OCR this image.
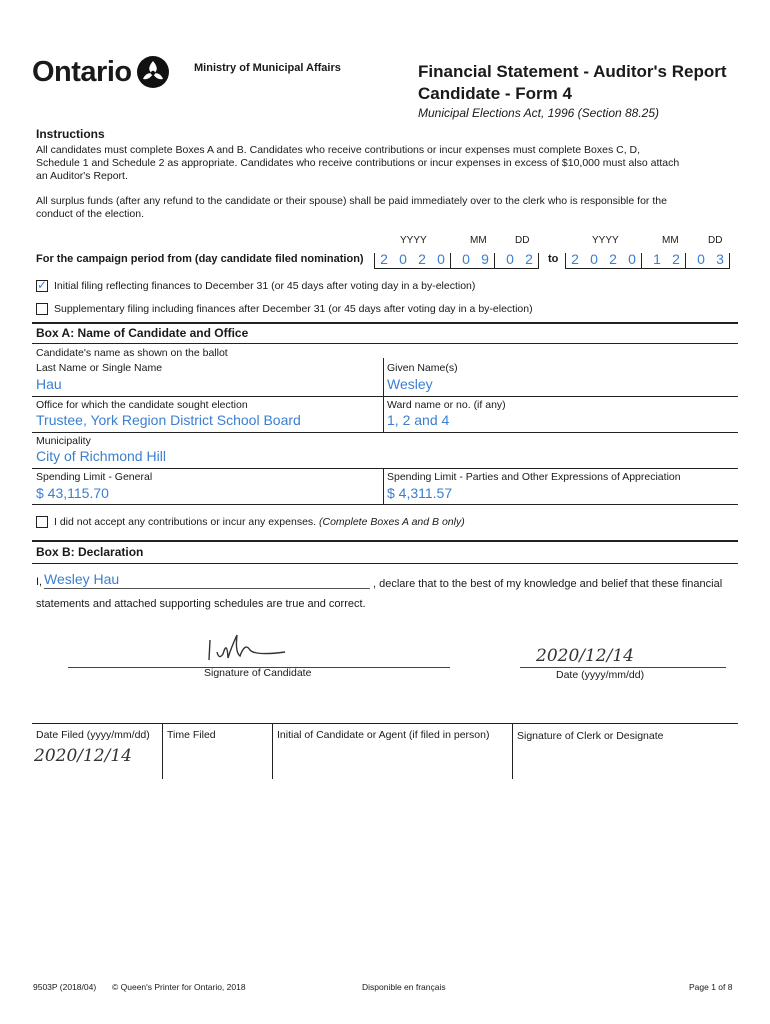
Ontario	Ministry of Municipal Affairs	Financial Statement - Auditor's Report
Candidate - Form 4
Municipal Elections Act, 1996 (Section 88.25)
Instructions
All candidates must complete Boxes A and B. Candidates who receive contributions or incur expenses must complete Boxes C, D, Schedule 1 and Schedule 2 as appropriate. Candidates who receive contributions or incur expenses in excess of $10,000 must also attach an Auditor's Report.
All surplus funds (after any refund to the candidate or their spouse) shall be paid immediately over to the clerk who is responsible for the conduct of the election.
YYYY	MM	DD	YYYY	MM	DD
For the campaign period from (day candidate filed nomination) 2 0 2 0 0 9 0 2	to 2 0 2 0 1 2 0 3
✓ Initial filing reflecting finances to December 31 (or 45 days after voting day in a by-election)
Supplementary filing including finances after December 31 (or 45 days after voting day in a by-election)
Box A: Name of Candidate and Office
Candidate's name as shown on the ballot
Last Name or Single Name
Hau
Given Name(s)
Wesley
Office for which the candidate sought election
Trustee, York Region District School Board
Ward name or no. (if any)
1, 2 and 4
Municipality
City of Richmond Hill
Spending Limit - General
$ 43,115.70
Spending Limit - Parties and Other Expressions of Appreciation
$ 4,311.57
I did not accept any contributions or incur any expenses. (Complete Boxes A and B only)
Box B: Declaration
I, Wesley Hau	, declare that to the best of my knowledge and belief that these financial
statements and attached supporting schedules are true and correct.
Signature of Candidate
2020/12/14
Date (yyyy/mm/dd)
Date Filed (yyyy/mm/dd)
2020/12/14
Time Filed	Initial of Candidate or Agent (if filed in person)	Signature of Clerk or Designate
9503P (2018/04) © Queen's Printer for Ontario, 2018	Disponible en français	Page 1 of 8
